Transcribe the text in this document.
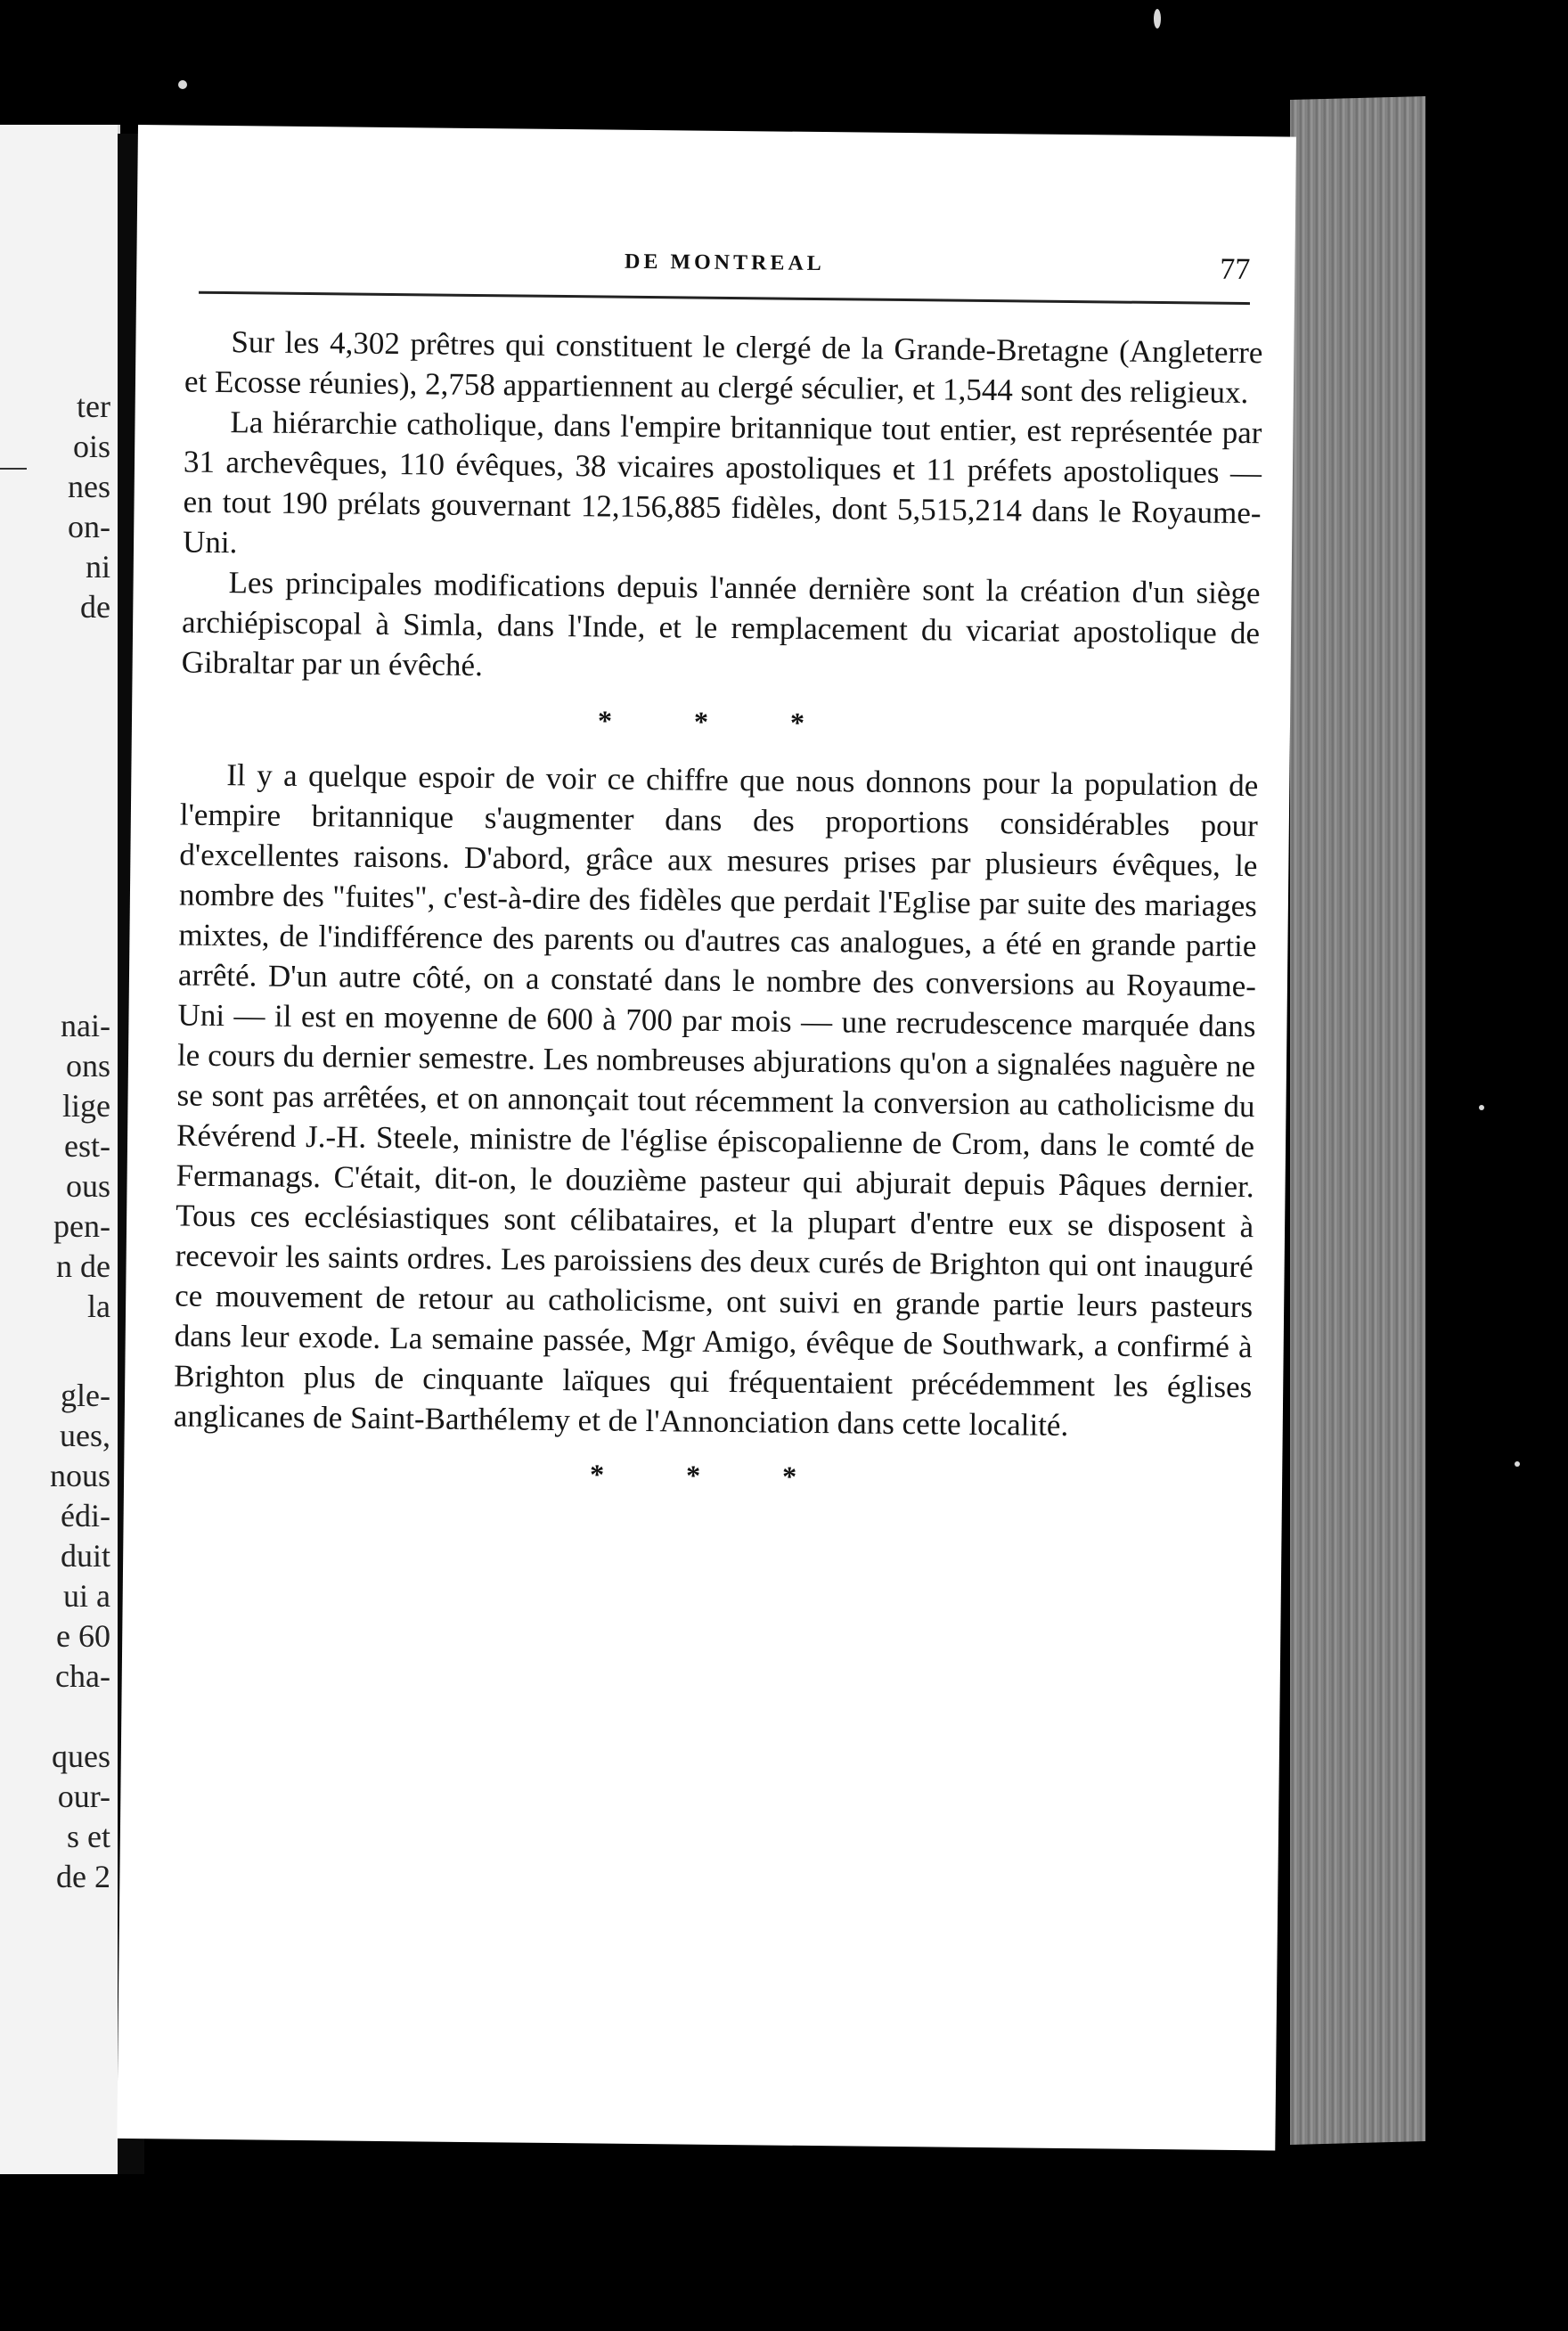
ter
ois
nes
on-
ni
de
nai-
ons
lige
est-
ous
pen-
n de
la
gle-
ues,
nous
édi-
duit
ui a
e 60
cha-
ques
our-
s et
de 2
DE MONTREAL	77

Sur les 4,302 prêtres qui constituent le clergé de la Grande-Bretagne (Angleterre et Ecosse réunies), 2,758 appartiennent au clergé séculier, et 1,544 sont des religieux.

La hiérarchie catholique, dans l'empire britannique tout entier, est représentée par 31 archevêques, 110 évêques, 38 vicaires apostoliques et 11 préfets apostoliques — en tout 190 prélats gouvernant 12,156,885 fidèles, dont 5,515,214 dans le Royaume-Uni.

Les principales modifications depuis l'année dernière sont la création d'un siège archiépiscopal à Simla, dans l'Inde, et le remplacement du vicariat apostolique de Gibraltar par un évêché.

* * *

Il y a quelque espoir de voir ce chiffre que nous donnons pour la population de l'empire britannique s'augmenter dans des proportions considérables pour d'excellentes raisons. D'abord, grâce aux mesures prises par plusieurs évêques, le nombre des "fuites", c'est-à-dire des fidèles que perdait l'Eglise par suite des mariages mixtes, de l'indifférence des parents ou d'autres cas analogues, a été en grande partie arrêté. D'un autre côté, on a constaté dans le nombre des conversions au Royaume-Uni — il est en moyenne de 600 à 700 par mois — une recrudescence marquée dans le cours du dernier semestre. Les nombreuses abjurations qu'on a signalées naguère ne se sont pas arrêtées, et on annonçait tout récemment la conversion au catholicisme du Révérend J.-H. Steele, ministre de l'église épiscopalienne de Crom, dans le comté de Fermanags. C'était, dit-on, le douzième pasteur qui abjurait depuis Pâques dernier. Tous ces ecclésiastiques sont célibataires, et la plupart d'entre eux se disposent à recevoir les saints ordres. Les paroissiens des deux curés de Brighton qui ont inauguré ce mouvement de retour au catholicisme, ont suivi en grande partie leurs pasteurs dans leur exode. La semaine passée, Mgr Amigo, évêque de Southwark, a confirmé à Brighton plus de cinquante laïques qui fréquentaient précédemment les églises anglicanes de Saint-Barthélemy et de l'Annonciation dans cette localité.

* * *
